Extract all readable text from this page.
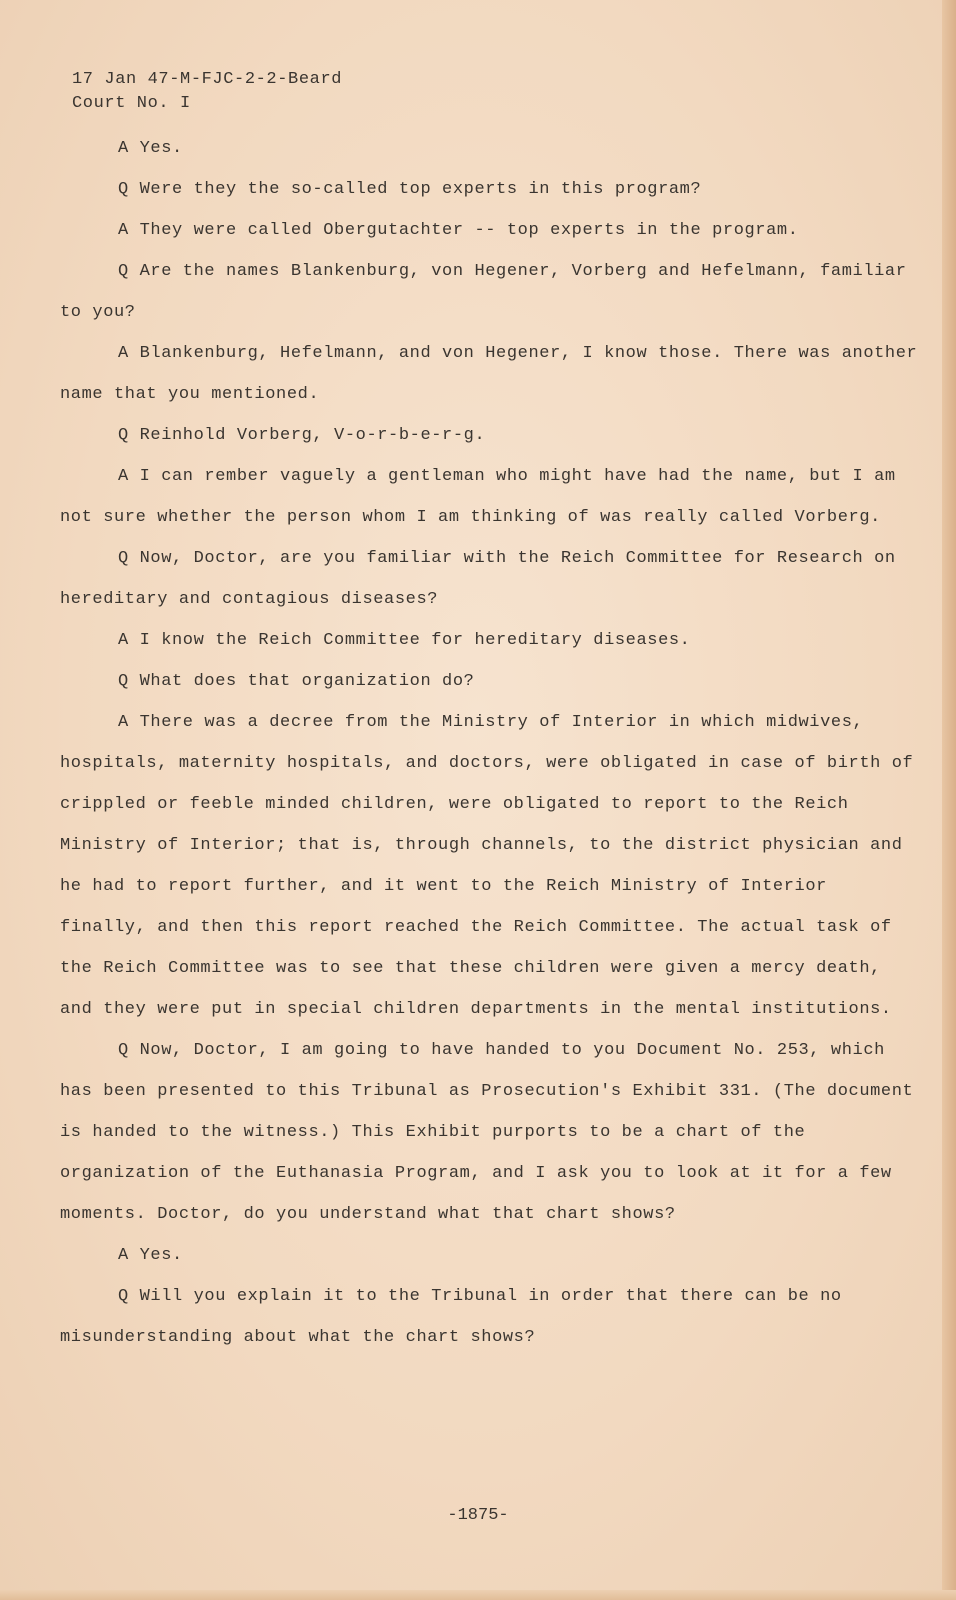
17 Jan 47-M-FJC-2-2-Beard
Court No. I

A Yes.

Q Were they the so-called top experts in this program?

A They were called Obergutachter -- top experts in the program.

Q Are the names Blankenburg, von Hegener, Vorberg and Hefelmann, familiar to you?

A Blankenburg, Hefelmann, and von Hegener, I know those. There was another name that you mentioned.

Q Reinhold Vorberg, V-o-r-b-e-r-g.

A I can rember vaguely a gentleman who might have had the name, but I am not sure whether the person whom I am thinking of was really called Vorberg.

Q Now, Doctor, are you familiar with the Reich Committee for Research on hereditary and contagious diseases?

A I know the Reich Committee for hereditary diseases.

Q What does that organization do?

A There was a decree from the Ministry of Interior in which midwives, hospitals, maternity hospitals, and doctors, were obligated in case of birth of crippled or feeble minded children, were obligated to report to the Reich Ministry of Interior; that is, through channels, to the district physician and he had to report further, and it went to the Reich Ministry of Interior finally, and then this report reached the Reich Committee. The actual task of the Reich Committee was to see that these children were given a mercy death, and they were put in special children departments in the mental institutions.

Q Now, Doctor, I am going to have handed to you Document No. 253, which has been presented to this Tribunal as Prosecution's Exhibit 331. (The document is handed to the witness.) This Exhibit purports to be a chart of the organization of the Euthanasia Program, and I ask you to look at it for a few moments. Doctor, do you understand what that chart shows?

A Yes.

Q Will you explain it to the Tribunal in order that there can be no misunderstanding about what the chart shows?

-1875-
